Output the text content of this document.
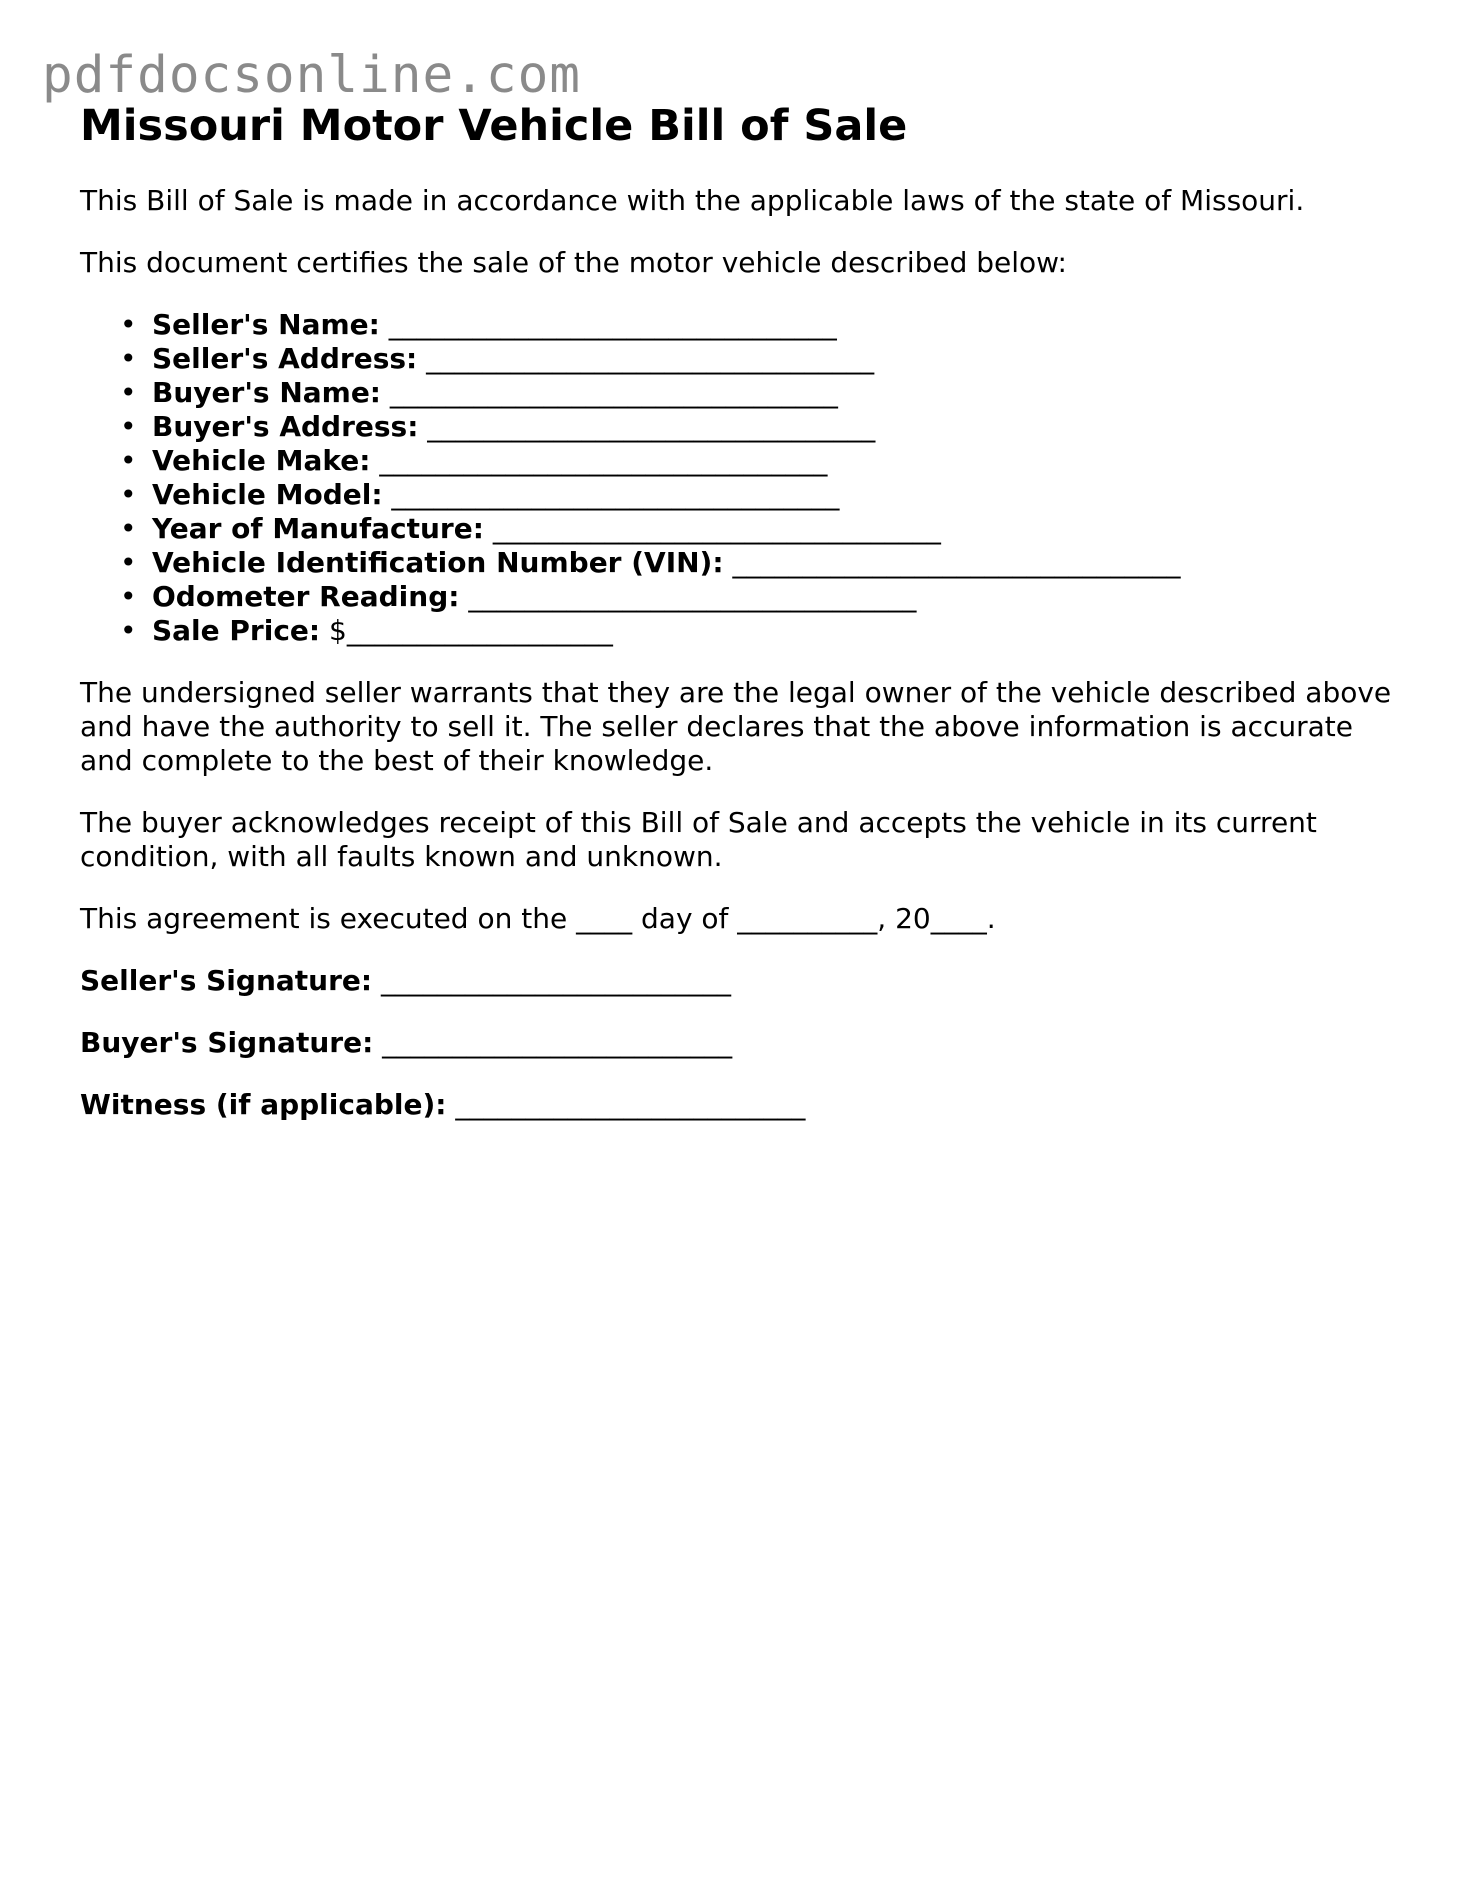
pdfdocsonline.com
Missouri Motor Vehicle Bill of Sale

This Bill of Sale is made in accordance with the applicable laws of the state of Missouri.

This document certifies the sale of the motor vehicle described below:

• Seller's Name: ________________________________
• Seller's Address: ________________________________
• Buyer's Name: ________________________________
• Buyer's Address: ________________________________
• Vehicle Make: ________________________________
• Vehicle Model: ________________________________
• Year of Manufacture: ________________________________
• Vehicle Identification Number (VIN): ________________________________
• Odometer Reading: ________________________________
• Sale Price: $___________________

The undersigned seller warrants that they are the legal owner of the vehicle described above and have the authority to sell it. The seller declares that the above information is accurate and complete to the best of their knowledge.

The buyer acknowledges receipt of this Bill of Sale and accepts the vehicle in its current condition, with all faults known and unknown.

This agreement is executed on the ____ day of __________, 20____.

Seller's Signature: _________________________

Buyer's Signature: _________________________

Witness (if applicable): _________________________
